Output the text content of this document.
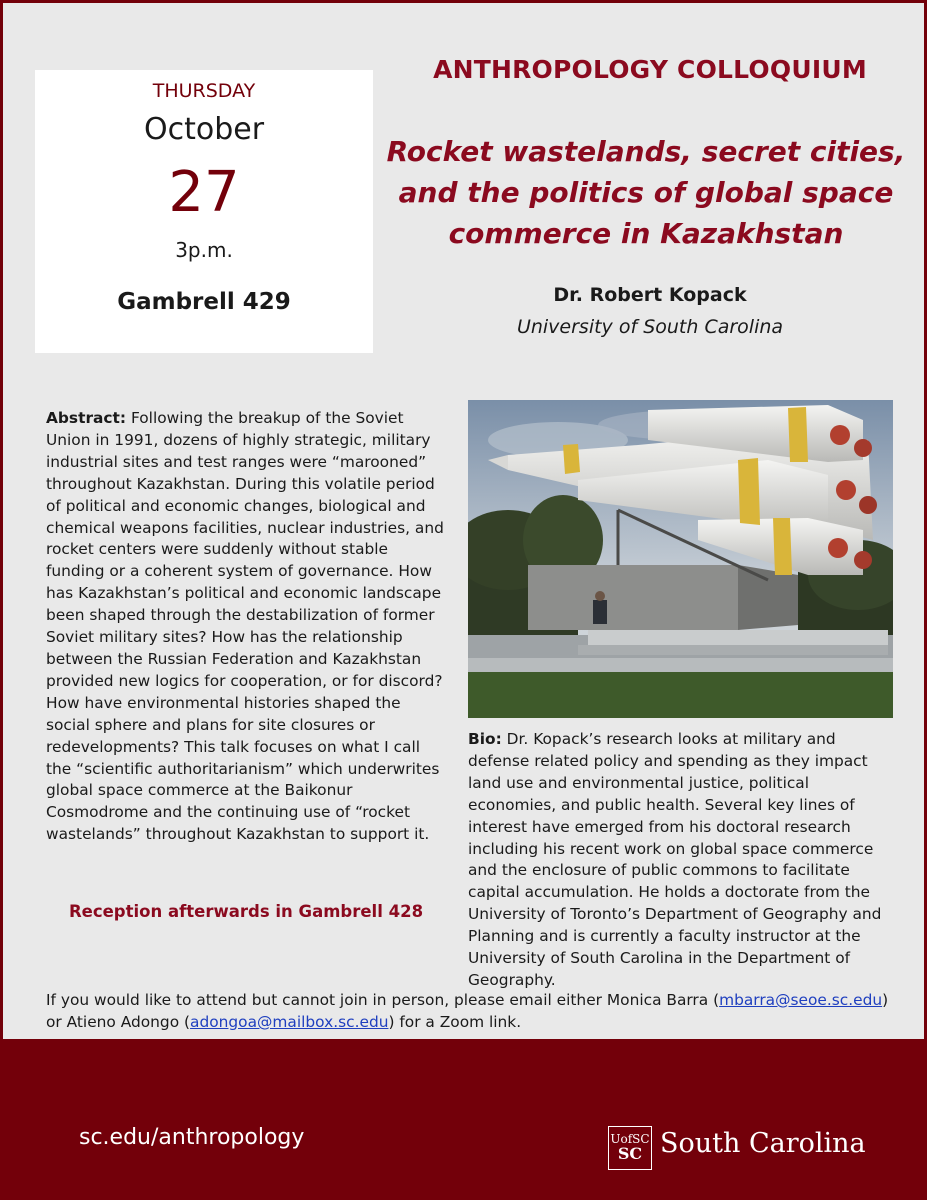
THURSDAY
October
27
3p.m.
Gambrell 429
ANTHROPOLOGY COLLOQUIUM
Rocket wastelands, secret cities,
and the politics of global space
commerce in Kazakhstan
Dr. Robert Kopack
University of South Carolina
Abstract: Following the breakup of the Soviet Union in 1991, dozens of highly strategic, military industrial sites and test ranges were “marooned” throughout Kazakhstan. During this volatile period of political and economic changes, biological and chemical weapons facilities, nuclear industries, and rocket centers were suddenly without stable funding or a coherent system of governance. How has Kazakhstan’s political and economic landscape been shaped through the destabilization of former Soviet military sites? How has the relationship between the Russian Federation and Kazakhstan provided new logics for cooperation, or for discord? How have environmental histories shaped the social sphere and plans for site closures or redevelopments? This talk focuses on what I call the “scientific authoritarianism” which underwrites global space commerce at the Baikonur Cosmodrome and the continuing use of “rocket wastelands” throughout Kazakhstan to support it.
Reception afterwards in Gambrell 428
Bio: Dr. Kopack’s research looks at military and defense related policy and spending as they impact land use and environmental justice, political economies, and public health. Several key lines of interest have emerged from his doctoral research including his recent work on global space commerce and the enclosure of public commons to facilitate capital accumulation. He holds a doctorate from the University of Toronto’s Department of Geography and Planning and is currently a faculty instructor at the University of South Carolina in the Department of Geography.
If you would like to attend but cannot join in person, please email either Monica Barra (mbarra@seoe.sc.edu) or Atieno Adongo (adongoa@mailbox.sc.edu) for a Zoom link.
sc.edu/anthropology	UofSC
SC South Carolina
